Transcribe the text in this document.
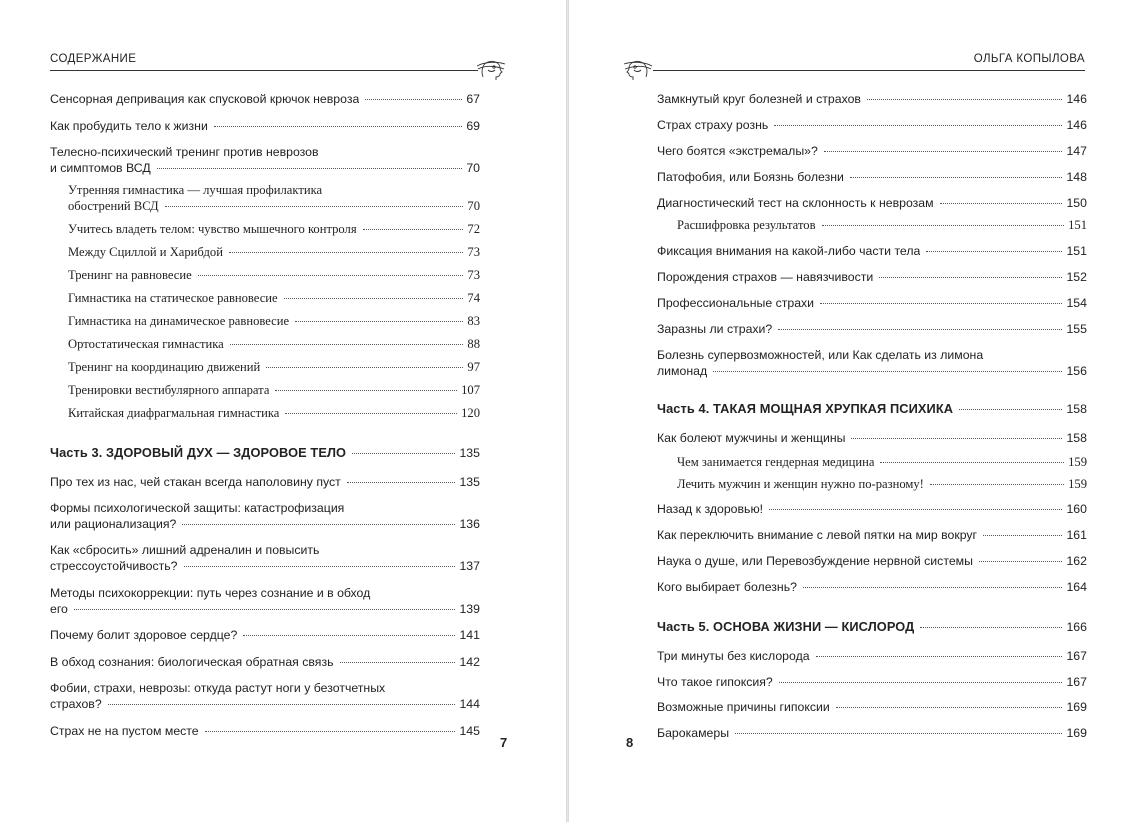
СОДЕРЖАНИЕ
Сенсорная депривация как спусковой крючок невроза	67
Как пробудить тело к жизни	69
Телесно-психический тренинг против неврозов
и симптомов ВСД	70
Утренняя гимнастика — лучшая профилактика
обострений ВСД	70
Учитесь владеть телом: чувство мышечного контроля	72
Между Сциллой и Харибдой	73
Тренинг на равновесие	73
Гимнастика на статическое равновесие	74
Гимнастика на динамическое равновесие	83
Ортостатическая гимнастика	88
Тренинг на координацию движений	97
Тренировки вестибулярного аппарата	107
Китайская диафрагмальная гимнастика	120
Часть 3. ЗДОРОВЫЙ ДУХ — ЗДОРОВОЕ ТЕЛО	135
Про тех из нас, чей стакан всегда наполовину пуст	135
Формы психологической защиты: катастрофизация
или рационализация?	136
Как «сбросить» лишний адреналин и повысить
стрессоустойчивость?	137
Методы психокоррекции: путь через сознание и в обход
его	139
Почему болит здоровое сердце?	141
В обход сознания: биологическая обратная связь	142
Фобии, страхи, неврозы: откуда растут ноги у безотчетных
страхов?	144
Страх не на пустом месте	145
7
ОЛЬГА КОПЫЛОВА
Замкнутый круг болезней и страхов	146
Страх страху рознь	146
Чего боятся «экстремалы»?	147
Патофобия, или Боязнь болезни	148
Диагностический тест на склонность к неврозам	150
Расшифровка результатов	151
Фиксация внимания на какой-либо части тела	151
Порождения страхов — навязчивости	152
Профессиональные страхи	154
Заразны ли страхи?	155
Болезнь супервозможностей, или Как сделать из лимона
лимонад	156
Часть 4. ТАКАЯ МОЩНАЯ ХРУПКАЯ ПСИХИКА	158
Как болеют мужчины и женщины	158
Чем занимается гендерная медицина	159
Лечить мужчин и женщин нужно по-разному!	159
Назад к здоровью!	160
Как переключить внимание с левой пятки на мир вокруг	161
Наука о душе, или Перевозбуждение нервной системы	162
Кого выбирает болезнь?	164
Часть 5. ОСНОВА ЖИЗНИ — КИСЛОРОД	166
Три минуты без кислорода	167
Что такое гипоксия?	167
Возможные причины гипоксии	169
Барокамеры	169
8
